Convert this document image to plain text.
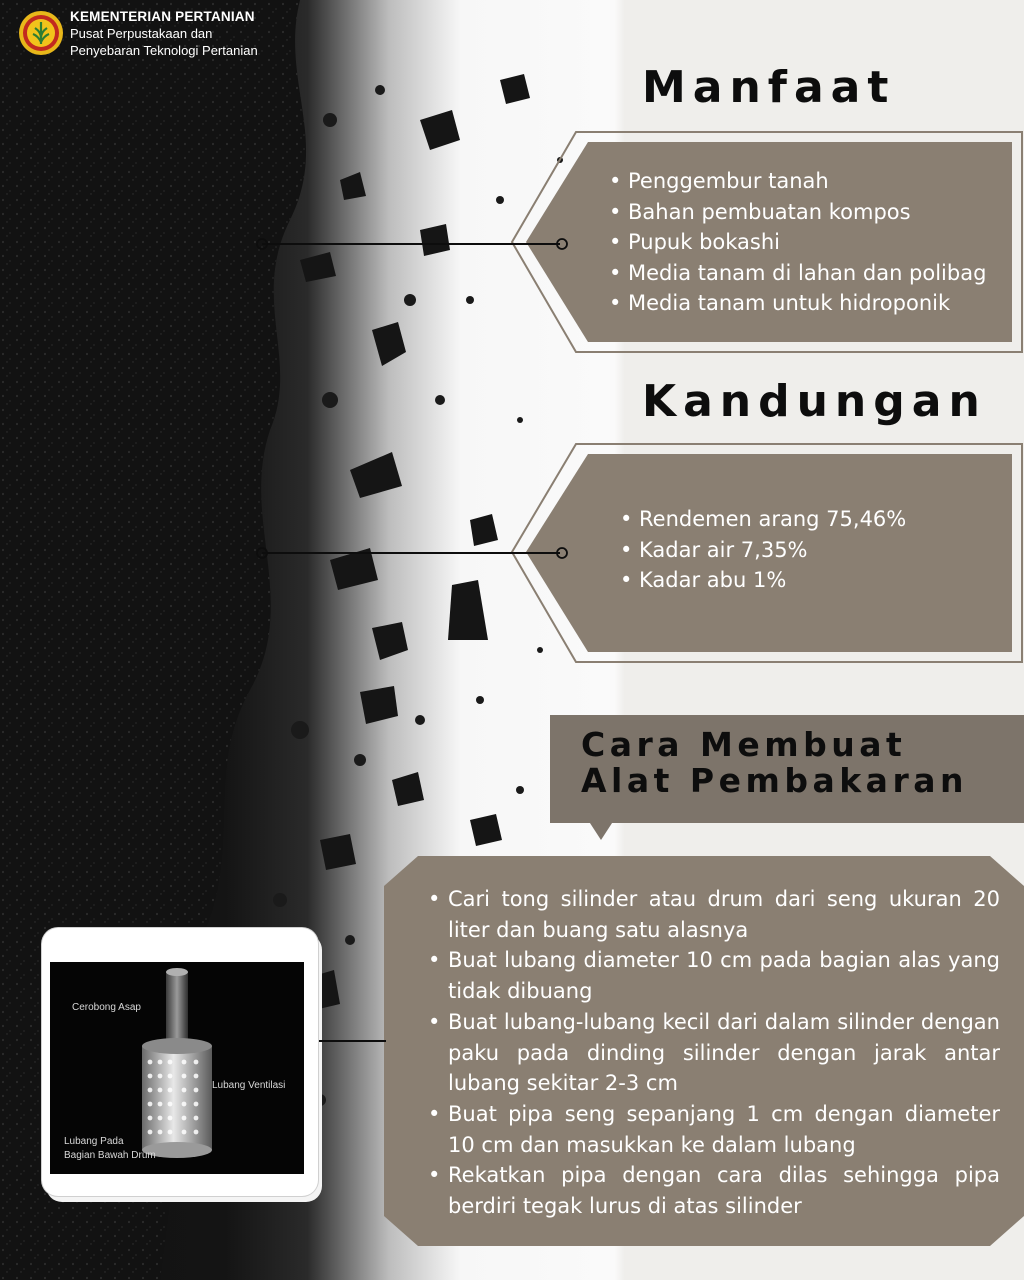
KEMENTERIAN PERTANIAN
Pusat Perpustakaan dan
Penyebaran Teknologi Pertanian
Manfaat
• Penggembur tanah
• Bahan pembuatan kompos
• Pupuk bokashi
• Media tanam di lahan dan polibag
• Media tanam untuk hidroponik
Kandungan
• Rendemen arang 75,46%
• Kadar air 7,35%
• Kadar abu 1%
Cara Membuat
Alat Pembakaran
• Cari tong silinder atau drum dari seng ukuran 20 liter dan buang satu alasnya
• Buat lubang diameter 10 cm pada bagian alas yang tidak dibuang
• Buat lubang-lubang kecil dari dalam silinder dengan paku pada dinding silinder dengan jarak antar lubang sekitar 2-3 cm
• Buat pipa seng sepanjang 1 cm dengan diameter 10 cm dan masukkan ke dalam lubang
• Rekatkan pipa dengan cara dilas sehingga pipa berdiri tegak lurus di atas silinder
Cerobong Asap
Lubang Ventilasi
Lubang Pada
Bagian Bawah Drum
